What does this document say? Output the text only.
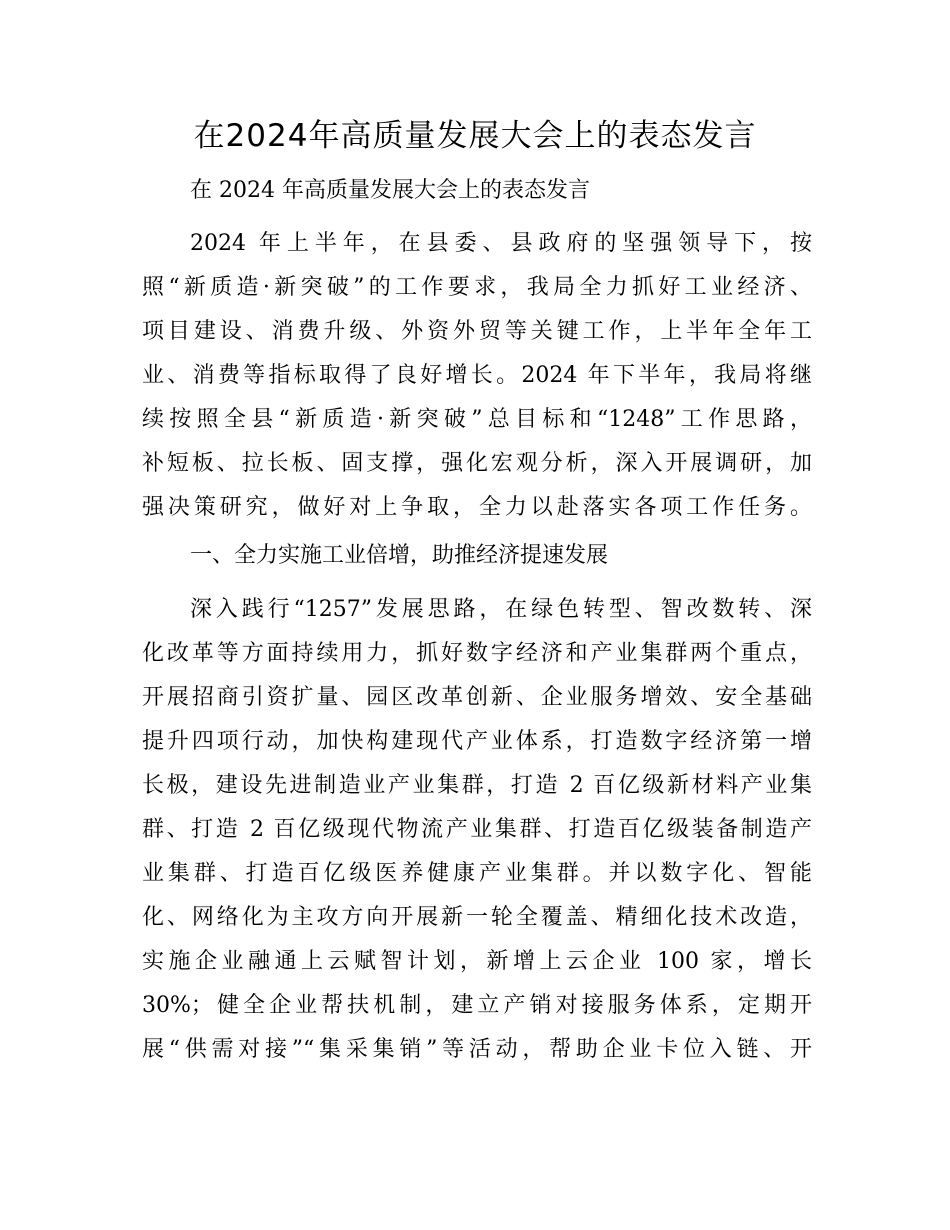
在2024年高质量发展大会上的表态发言
在 2024 年高质量发展大会上的表态发言
2024 年上半年，在县委、县政府的坚强领导下，按
照“新质造·新突破”的工作要求，我局全力抓好工业经济、
项目建设、消费升级、外资外贸等关键工作，上半年全年工
业、消费等指标取得了良好增长。2024 年下半年，我局将继
续按照全县“新质造·新突破”总目标和“1248”工作思路，
补短板、拉长板、固支撑，强化宏观分析，深入开展调研，加
强决策研究，做好对上争取，全力以赴落实各项工作任务。
一、全力实施工业倍增，助推经济提速发展
深入践行“1257”发展思路，在绿色转型、智改数转、深
化改革等方面持续用力，抓好数字经济和产业集群两个重点，
开展招商引资扩量、园区改革创新、企业服务增效、安全基础
提升四项行动，加快构建现代产业体系，打造数字经济第一增
长极，建设先进制造业产业集群，打造 2 百亿级新材料产业集
群、打造 2 百亿级现代物流产业集群、打造百亿级装备制造产
业集群、打造百亿级医养健康产业集群。并以数字化、智能
化、网络化为主攻方向开展新一轮全覆盖、精细化技术改造，
实施企业融通上云赋智计划，新增上云企业 100 家，增长
30%；健全企业帮扶机制，建立产销对接服务体系，定期开
展“供需对接”“集采集销”等活动，帮助企业卡位入链、开
